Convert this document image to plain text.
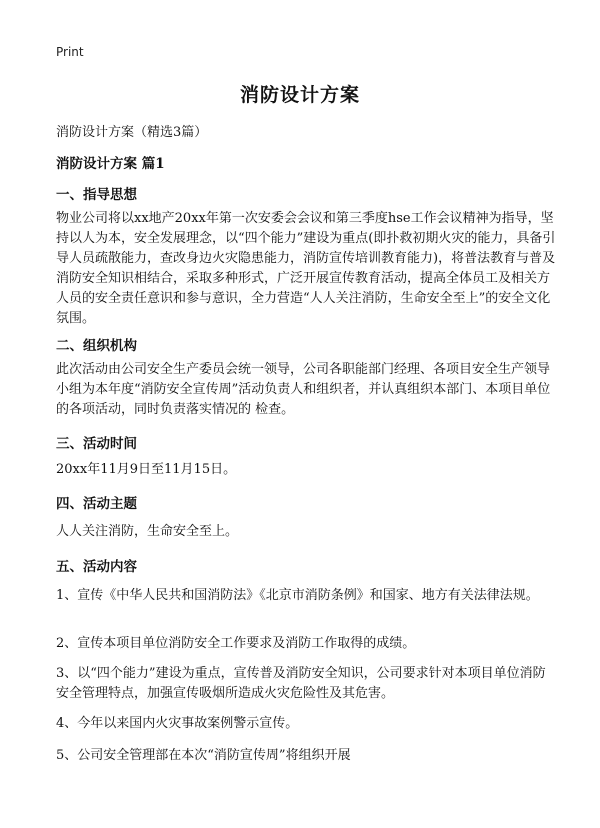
Print
消防设计方案
消防设计方案（精选3篇）
消防设计方案 篇1
一、指导思想
物业公司将以xx地产20xx年第一次安委会会议和第三季度hse工作会议精神为指导，坚持以人为本，安全发展理念，以“四个能力”建设为重点(即扑救初期火灾的能力，具备引导人员疏散能力，查改身边火灾隐患能力，消防宣传培训教育能力)，将普法教育与普及消防安全知识相结合，采取多种形式，广泛开展宣传教育活动，提高全体员工及相关方人员的安全责任意识和参与意识，全力营造“人人关注消防，生命安全至上”的安全文化氛围。
二、组织机构
此次活动由公司安全生产委员会统一领导，公司各职能部门经理、各项目安全生产领导小组为本年度“消防安全宣传周”活动负责人和组织者，并认真组织本部门、本项目单位的各项活动，同时负责落实情况的 检查。
三、活动时间
20xx年11月9日至11月15日。
四、活动主题
人人关注消防，生命安全至上。
五、活动内容
1、宣传《中华人民共和国消防法》《北京市消防条例》和国家、地方有关法律法规。
2、宣传本项目单位消防安全工作要求及消防工作取得的成绩。
3、以“四个能力”建设为重点，宣传普及消防安全知识，公司要求针对本项目单位消防安全管理特点，加强宣传吸烟所造成火灾危险性及其危害。
4、今年以来国内火灾事故案例警示宣传。
5、公司安全管理部在本次“消防宣传周”将组织开展
